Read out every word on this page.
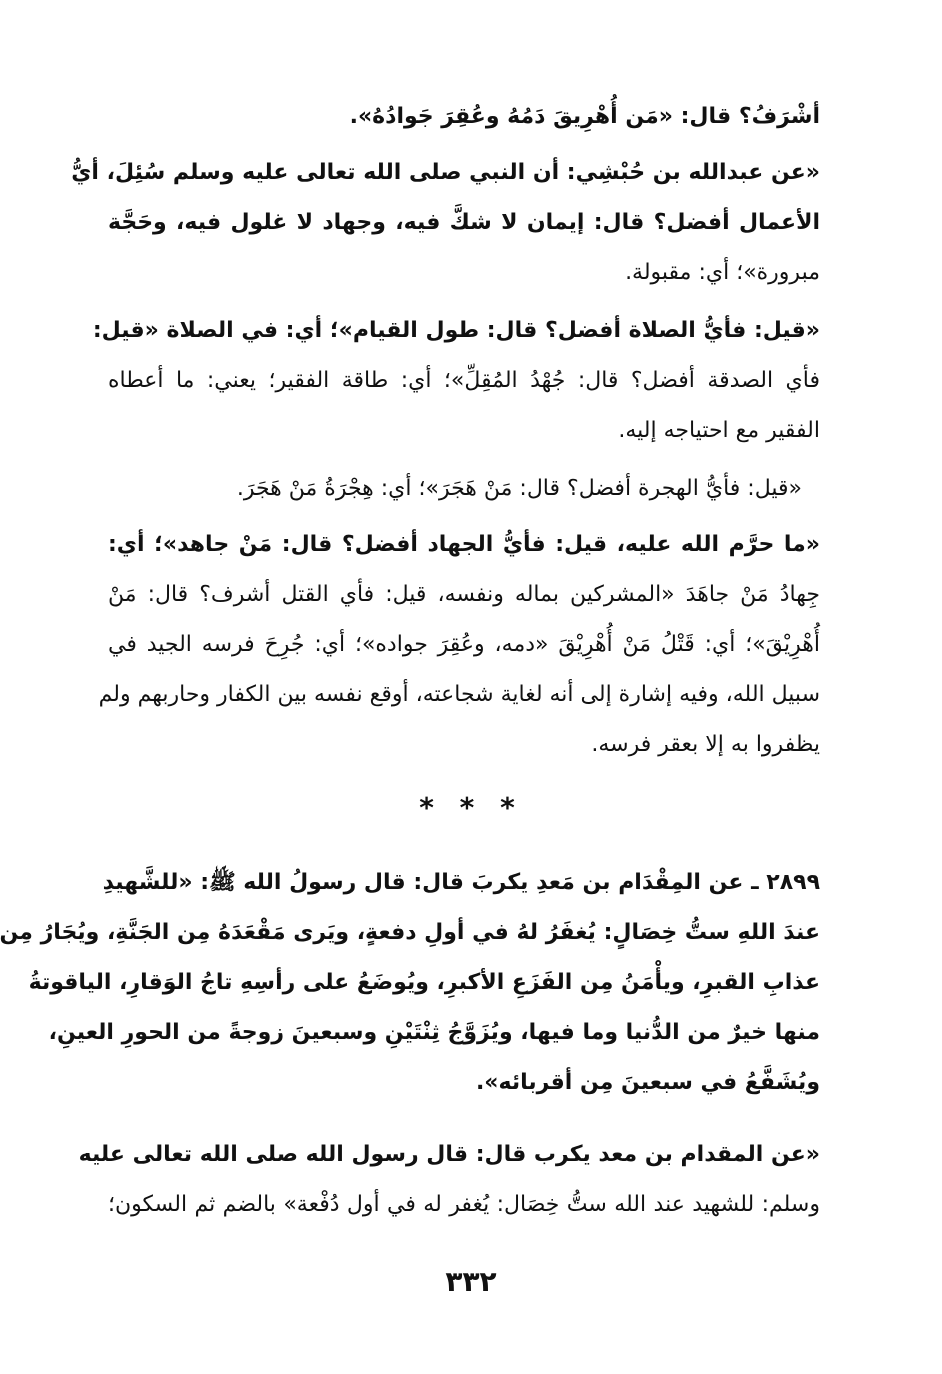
أشْرَفُ؟ قال: «مَن أُهْرِيقَ دَمُهُ وعُقِرَ جَوادُهُ».
«عن عبدالله بن حُبْشِي: أن النبي صلى الله تعالى عليه وسلم سُئِلَ، أيُّ
الأعمال أفضل؟ قال: إيمان لا شكَّ فيه، وجهاد لا غلول فيه، وحَجَّة
مبرورة»؛ أي: مقبولة.
«قيل: فأيُّ الصلاة أفضل؟ قال: طول القيام»؛ أي: في الصلاة «قيل:
فأي الصدقة أفضل؟ قال: جُهْدُ المُقِلِّ»؛ أي: طاقة الفقير؛ يعني: ما أعطاه
الفقير مع احتياجه إليه.
«قيل: فأيُّ الهجرة أفضل؟ قال: مَنْ هَجَرَ»؛ أي: هِجْرَةُ مَنْ هَجَرَ.
«ما حرَّم الله عليه، قيل: فأيُّ الجهاد أفضل؟ قال: مَنْ جاهد»؛ أي:
جِهادُ مَنْ جاهَدَ «المشركين بماله ونفسه، قيل: فأي القتل أشرف؟ قال: مَنْ
أُهْرِيْقَ»؛ أي: قَتْلُ مَنْ أُهْرِيْقَ «دمه، وعُقِرَ جواده»؛ أي: جُرِحَ فرسه الجيد في
سبيل الله، وفيه إشارة إلى أنه لغاية شجاعته، أوقع نفسه بين الكفار وحاربهم ولم
يظفروا به إلا بعقر فرسه.
* * *
٢٨٩٩ ـ عن المِقْدَام بن مَعدِ يكربَ قال: قال رسولُ الله ﷺ: «للشَّهيدِ
عندَ اللهِ ستُّ خِصَالٍ: يُغفَرُ لهُ في أولِ دفعةٍ، ويَرى مَقْعَدَهُ مِن الجَنَّةِ، ويُجَارُ مِن
عذابِ القبرِ، ويأْمَنُ مِن الفَزَعِ الأكبرِ، ويُوضَعُ على رأسِهِ تاجُ الوَقارِ، الياقوتةُ
منها خيرٌ من الدُّنيا وما فيها، ويُزَوَّجُ ثِنْتَيْنِ وسبعينَ زوجةً من الحورِ العينِ،
ويُشَفَّعُ في سبعينَ مِن أقربائه».
«عن المقدام بن معد يكرب قال: قال رسول الله صلى الله تعالى عليه
وسلم: للشهيد عند الله ستُّ خِصَال: يُغفر له في أول دُفْعة» بالضم ثم السكون؛
٣٣٢
